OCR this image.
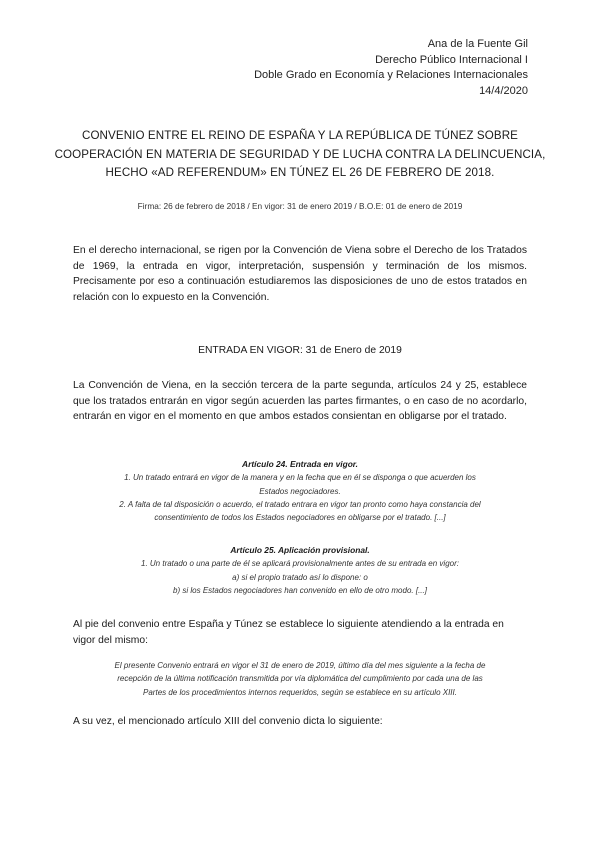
Ana de la Fuente Gil
Derecho Público Internacional I
Doble Grado en Economía y Relaciones Internacionales
14/4/2020
CONVENIO ENTRE EL REINO DE ESPAÑA Y LA REPÚBLICA DE TÚNEZ SOBRE
COOPERACIÓN EN MATERIA DE SEGURIDAD Y DE LUCHA CONTRA LA DELINCUENCIA,
HECHO «AD REFERENDUM» EN TÚNEZ EL 26 DE FEBRERO DE 2018.
Firma: 26 de febrero de 2018 / En vigor: 31 de enero 2019 / B.O.E: 01 de enero de 2019
En el derecho internacional, se rigen por la Convención de Viena sobre el Derecho de los Tratados de 1969, la entrada en vigor, interpretación, suspensión y terminación de los mismos. Precisamente por eso a continuación estudiaremos las disposiciones de uno de estos tratados en relación con lo expuesto en la Convención.
ENTRADA EN VIGOR: 31 de Enero de 2019
La Convención de Viena, en la sección tercera de la parte segunda, artículos 24 y 25, establece que los tratados entrarán en vigor según acuerden las partes firmantes, o en caso de no acordarlo, entrarán en vigor en el momento en que ambos estados consientan en obligarse por el tratado.
Artículo 24. Entrada en vigor.
1. Un tratado entrará en vigor de la manera y en la fecha que en él se disponga o que acuerden los
Estados negociadores.
2. A falta de tal disposición o acuerdo, el tratado entrara en vigor tan pronto como haya constancia del
consentimiento de todos los Estados negociadores en obligarse por el tratado. [...]
Artículo 25. Aplicación provisional.
1. Un tratado o una parte de él se aplicará provisionalmente antes de su entrada en vigor:
a) si el propio tratado así lo dispone: o
b) si los Estados negociadores han convenido en ello de otro modo. [...]
Al pie del convenio entre España y Túnez se establece lo siguiente atendiendo a la entrada en vigor del mismo:
El presente Convenio entrará en vigor el 31 de enero de 2019, último día del mes siguiente a la fecha de
recepción de la última notificación transmitida por vía diplomática del cumplimiento por cada una de las
Partes de los procedimientos internos requeridos, según se establece en su artículo XIII.
A su vez, el mencionado artículo XIII del convenio dicta lo siguiente:
